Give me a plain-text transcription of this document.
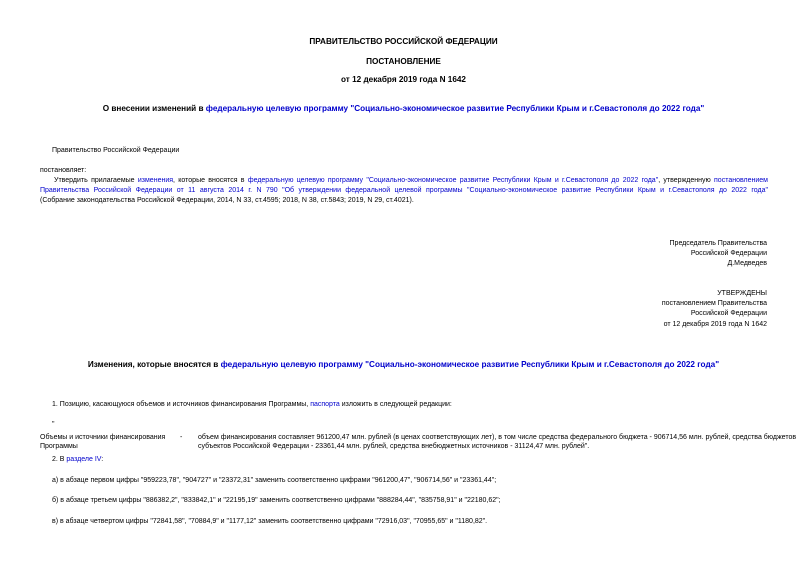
ПРАВИТЕЛЬСТВО РОССИЙСКОЙ ФЕДЕРАЦИИ
ПОСТАНОВЛЕНИЕ
от 12 декабря 2019 года N 1642
О внесении изменений в федеральную целевую программу "Социально-экономическое развитие Республики Крым и г.Севастополя до 2022 года"
Правительство Российской Федерации
постановляет:
Утвердить прилагаемые изменения, которые вносятся в федеральную целевую программу "Социально-экономическое развитие Республики Крым и г.Севастополя до 2022 года", утвержденную постановлением
Правительства Российской Федерации от 11 августа 2014 г. N 790 "Об утверждении федеральной целевой программы "Социально-экономическое развитие Республики Крым и г.Севастополя до 2022 года"
(Собрание законодательства Российской Федерации, 2014, N 33, ст.4595; 2018, N 38, ст.5843; 2019, N 29, ст.4021).
Председатель Правительства
Российской Федерации
Д.Медведев
УТВЕРЖДЕНЫ
постановлением Правительства
Российской Федерации
от 12 декабря 2019 года N 1642
Изменения, которые вносятся в федеральную целевую программу "Социально-экономическое развитие Республики Крым и г.Севастополя до 2022 года"
1. Позицию, касающуюся объемов и источников финансирования Программы, паспорта изложить в следующей редакции:
"
Объемы и источники финансирования
Программы
- объем финансирования составляет 961200,47 млн. рублей (в ценах соответствующих лет), в том числе средства федерального бюджета - 906714,56 млн. рублей, средства бюджетов
субъектов Российской Федерации - 23361,44 млн. рублей, средства внебюджетных источников - 31124,47 млн. рублей".
2. В разделе IV:
а) в абзаце первом цифры "959223,78", "904727" и "23372,31" заменить соответственно цифрами "961200,47", "906714,56" и "23361,44";
б) в абзаце третьем цифры "886382,2", "833842,1" и "22195,19" заменить соответственно цифрами "888284,44", "835758,91" и "22180,62";
в) в абзаце четвертом цифры "72841,58", "70884,9" и "1177,12" заменить соответственно цифрами "72916,03", "70955,65" и "1180,82".
